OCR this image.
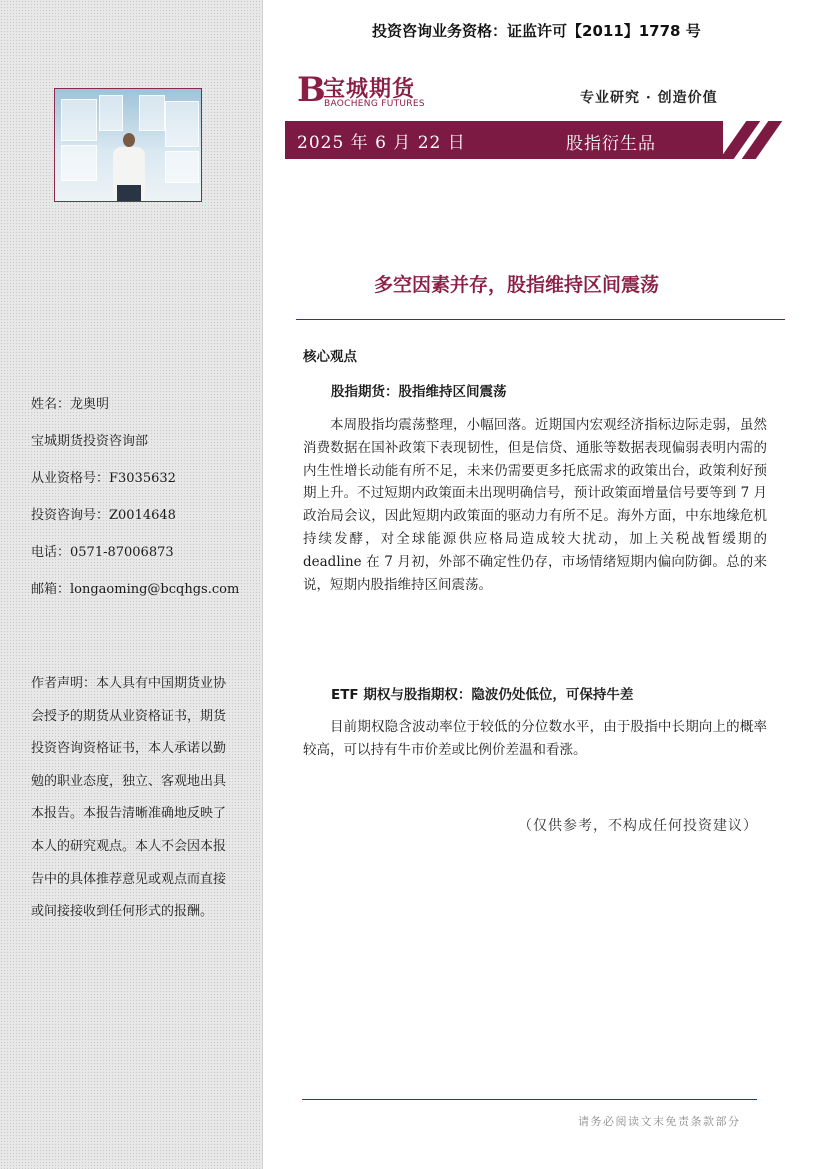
姓名：龙奥明
宝城期货投资咨询部
从业资格号：F3035632
投资咨询号：Z0014648
电话：0571-87006873
邮箱：longaoming@bcqhgs.com
作者声明：本人具有中国期货业协会授予的期货从业资格证书，期货投资咨询资格证书，本人承诺以勤勉的职业态度，独立、客观地出具本报告。本报告清晰准确地反映了本人的研究观点。本人不会因本报告中的具体推荐意见或观点而直接或间接接收到任何形式的报酬。
投资咨询业务资格：证监许可【2011】1778 号
B
宝城期货
BAOCHENG FUTURES	专业研究 · 创造价值
2025 年 6 月 22 日	股指衍生品
多空因素并存，股指维持区间震荡
核心观点
股指期货：股指维持区间震荡
本周股指均震荡整理，小幅回落。近期国内宏观经济指标边际走弱，虽然消费数据在国补政策下表现韧性，但是信贷、通胀等数据表现偏弱表明内需的内生性增长动能有所不足，未来仍需要更多托底需求的政策出台，政策利好预期上升。不过短期内政策面未出现明确信号，预计政策面增量信号要等到 7 月政治局会议，因此短期内政策面的驱动力有所不足。海外方面，中东地缘危机持续发酵，对全球能源供应格局造成较大扰动，加上关税战暂缓期的 deadline 在 7 月初，外部不确定性仍存，市场情绪短期内偏向防御。总的来说，短期内股指维持区间震荡。
ETF 期权与股指期权：隐波仍处低位，可保持牛差
目前期权隐含波动率位于较低的分位数水平，由于股指中长期向上的概率较高，可以持有牛市价差或比例价差温和看涨。
（仅供参考，不构成任何投资建议）
请务必阅读文末免责条款部分
